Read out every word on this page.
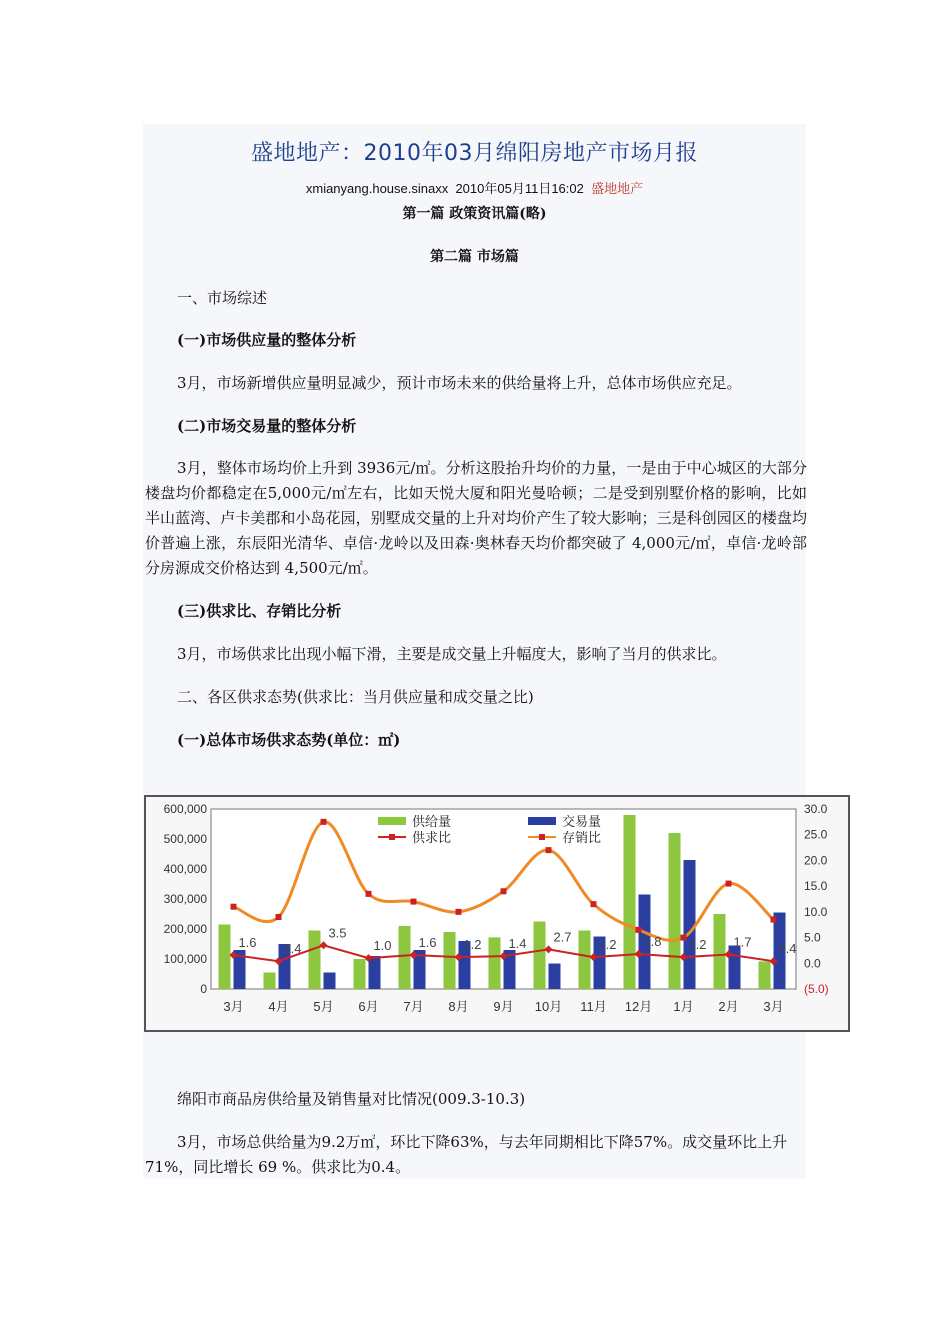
盛地地产：2010年03月绵阳房地产市场月报
xmianyang.house.sinaxx 2010年05月11日16:02 盛地地产
第一篇 政策资讯篇(略)
第二篇 市场篇
一、市场综述
(一)市场供应量的整体分析
3月，市场新增供应量明显减少，预计市场未来的供给量将上升，总体市场供应充足。
(二)市场交易量的整体分析
3月，整体市场均价上升到 3936元/㎡。分析这股抬升均价的力量，一是由于中心城区的大部分楼盘均价都稳定在5,000元/㎡左右，比如天悦大厦和阳光曼哈顿；二是受到别墅价格的影响，比如半山蓝湾、卢卡美郡和小岛花园，别墅成交量的上升对均价产生了较大影响；三是科创园区的楼盘均价普遍上涨，东辰阳光清华、卓信·龙岭以及田森·奥林春天均价都突破了 4,000元/㎡，卓信·龙岭部分房源成交价格达到 4,500元/㎡。
(三)供求比、存销比分析
3月，市场供求比出现小幅下滑，主要是成交量上升幅度大，影响了当月的供求比。
二、各区供求态势(供求比：当月供应量和成交量之比)
(一)总体市场供求态势(单位：㎡)
600,000
500,000
400,000
300,000
200,000
100,000
0
30.0
25.0
20.0
15.0
10.0
5.0
0.0
(5.0)
3月 4月 5月 6月 7月 8月 9月 10月 11月 12月 1月 2月 3月
1.6 0.4
3.5
1.0 1.6 1.2 1.4 2.7
1.2 1.8 1.2 1.7 0.4
供给量	交易量
供求比	存销比
绵阳市商品房供给量及销售量对比情况(009.3-10.3)
3月，市场总供给量为9.2万㎡，环比下降63%，与去年同期相比下降57%。成交量环比上升71%，同比增长 69 %。供求比为0.4。
